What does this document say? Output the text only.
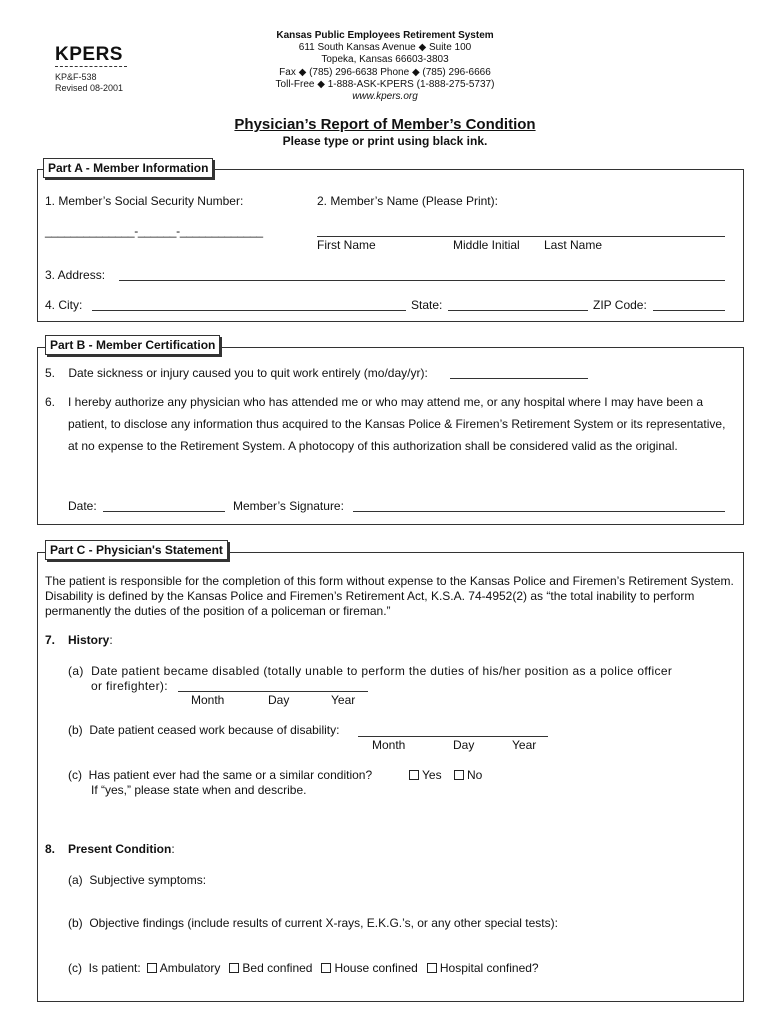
KPERS
KP&F-538
Revised 08-2001
Kansas Public Employees Retirement System
611 South Kansas Avenue ◆ Suite 100
Topeka, Kansas 66603-3803
Fax ◆ (785) 296-6638 Phone ◆ (785) 296-6666
Toll-Free ◆ 1-888-ASK-KPERS (1-888-275-5737)
www.kpers.org
Physician’s Report of Member’s Condition
Please type or print using black ink.
Part A - Member Information
1. Member’s Social Security Number:	2. Member’s Name (Please Print):
______________-______-_____________
First Name	Middle Initial Last Name
3. Address:
4. City:	State:	ZIP Code:
Part B - Member Certification
5.    Date sickness or injury caused you to quit work entirely (mo/day/yr):
6. I hereby authorize any physician who has attended me or who may attend me, or any hospital where I may have been a patient, to disclose any information thus acquired to the Kansas Police & Firemen’s Retirement System or its representative, at no expense to the Retirement System. A photocopy of this authorization shall be considered valid as the original.
Date:	Member’s Signature:
Part C - Physician's Statement
The patient is responsible for the completion of this form without expense to the Kansas Police and Firemen’s Retirement System. Disability is defined by the Kansas Police and Firemen’s Retirement Act, K.S.A. 74-4952(2) as “the total inability to perform permanently the duties of the position of a policeman or fireman.”
7. History:
(a)  Date patient became disabled (totally unable to perform the duties of his/her position as a police officer
or firefighter):
Month	Day	Year
(b)  Date patient ceased work because of disability:
Month	Day	Year
(c)  Has patient ever had the same or a similar condition?	Yes	No
If “yes,” please state when and describe.
8. Present Condition:
(a)  Subjective symptoms:
(b)  Objective findings (include results of current X-rays, E.K.G.’s, or any other special tests):
(c)  Is patient: Ambulatory Bed confined House confined Hospital confined?
